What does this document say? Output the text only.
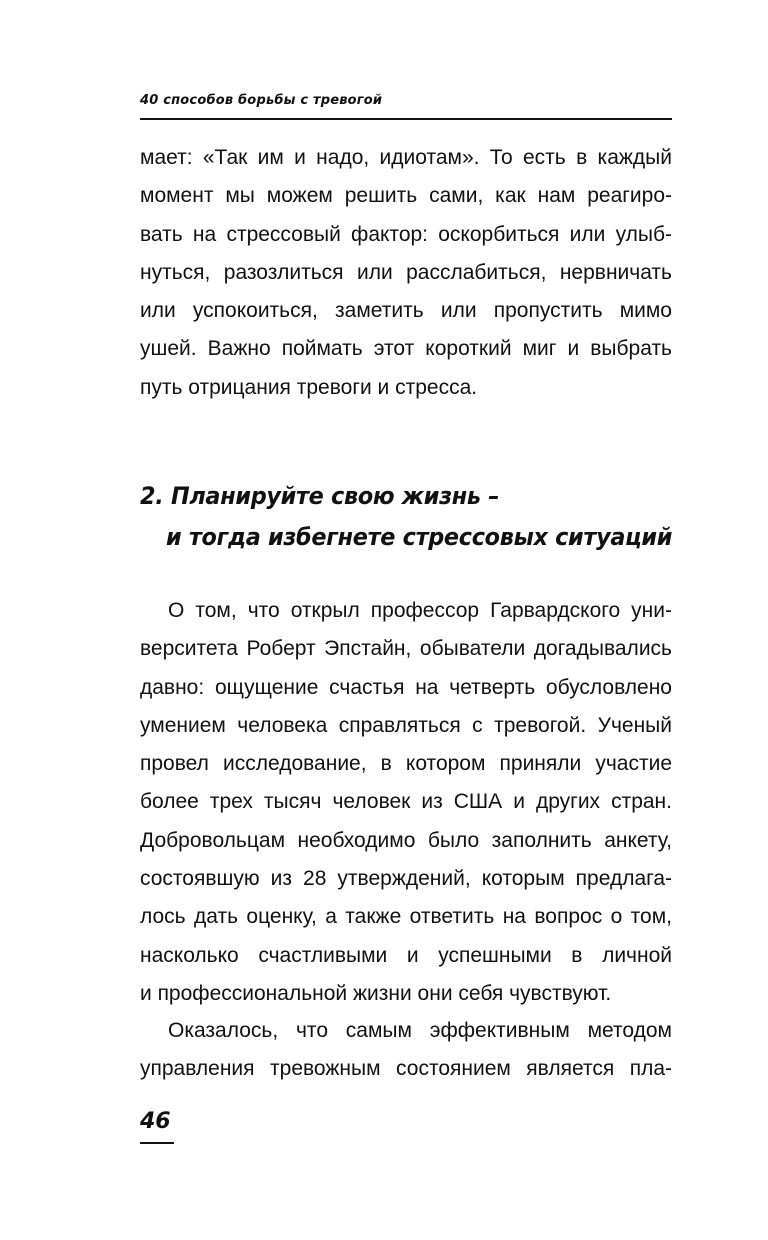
40 способов борьбы с тревогой
мает: «Так им и надо, идиотам». То есть в каждый
момент мы можем решить сами, как нам реагиро-
вать на стрессовый фактор: оскорбиться или улыб-
нуться, разозлиться или расслабиться, нервничать
или успокоиться, заметить или пропустить мимо
ушей. Важно поймать этот короткий миг и выбрать
путь отрицания тревоги и стресса.
2. Планируйте свою жизнь –
и тогда избегнете стрессовых ситуаций
О том, что открыл профессор Гарвардского уни-
верситета Роберт Эпстайн, обыватели догадывались
давно: ощущение счастья на четверть обусловлено
умением человека справляться с тревогой. Ученый
провел исследование, в котором приняли участие
более трех тысяч человек из США и других стран.
Добровольцам необходимо было заполнить анкету,
состоявшую из 28 утверждений, которым предлага-
лось дать оценку, а также ответить на вопрос о том,
насколько счастливыми и успешными в личной
и профессиональной жизни они себя чувствуют.
Оказалось, что самым эффективным методом
управления тревожным состоянием является пла-
46
